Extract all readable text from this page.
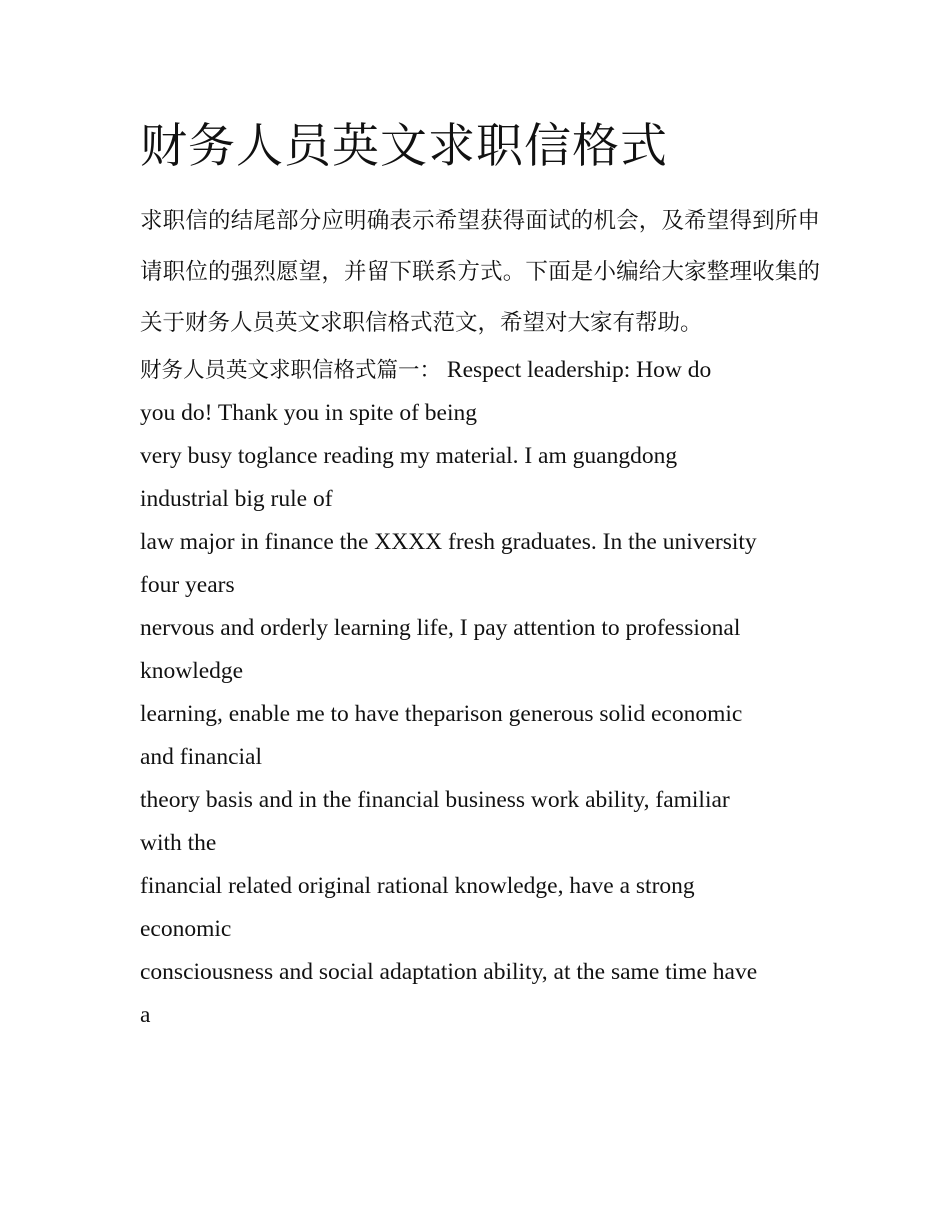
财务人员英文求职信格式

求职信的结尾部分应明确表示希望获得面试的机会，及希望得到所申请职位的强烈愿望，并留下联系方式。下面是小编给大家整理收集的关于财务人员英文求职信格式范文，希望对大家有帮助。

财务人员英文求职信格式篇一： Respect leadership: How do
you do! Thank you in spite of being
very busy toglance reading my material. I am guangdong
industrial big rule of
law major in finance the XXXX fresh graduates. In the university
four years
nervous and orderly learning life, I pay attention to professional
knowledge
learning, enable me to have theparison generous solid economic
and financial
theory basis and in the financial business work ability, familiar
with the
financial related original rational knowledge, have a strong
economic
consciousness and social adaptation ability, at the same time have
a
